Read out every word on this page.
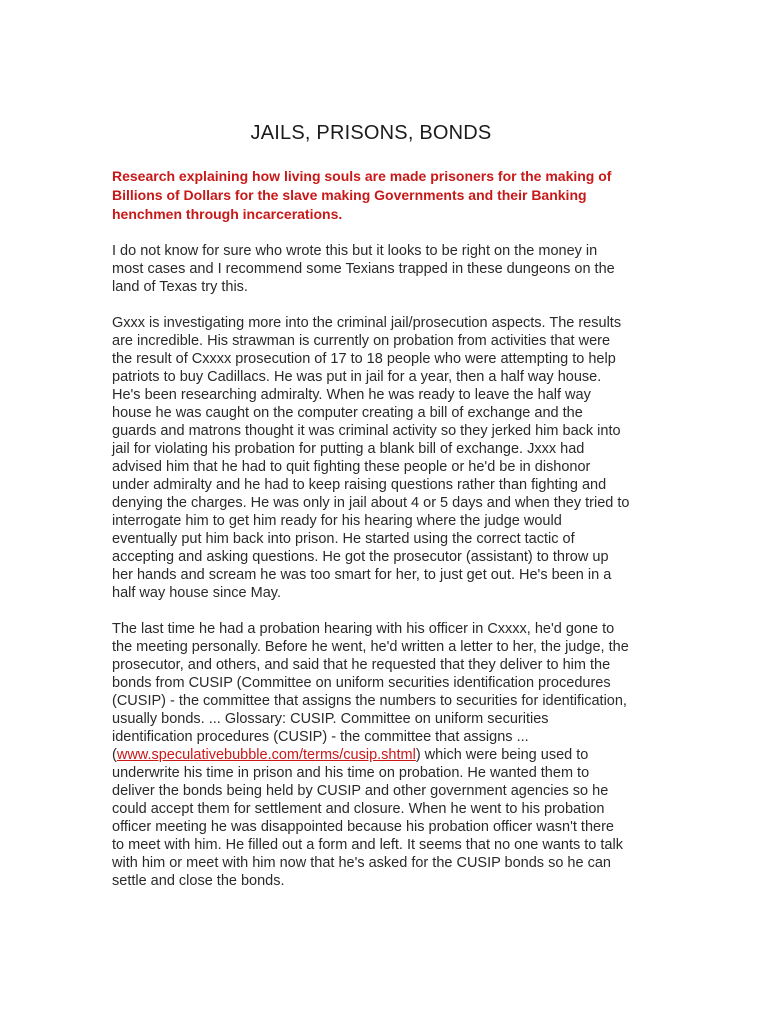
JAILS, PRISONS, BONDS

Research explaining how living souls are made prisoners for the making of Billions of Dollars for the slave making Governments and their Banking henchmen through incarcerations.

I do not know for sure who wrote this but it looks to be right on the money in most cases and I recommend some Texians trapped in these dungeons on the land of Texas try this.

Gxxx is investigating more into the criminal jail/prosecution aspects. The results are incredible. His strawman is currently on probation from activities that were the result of Cxxxx prosecution of 17 to 18 people who were attempting to help patriots to buy Cadillacs. He was put in jail for a year, then a half way house. He's been researching admiralty. When he was ready to leave the half way house he was caught on the computer creating a bill of exchange and the guards and matrons thought it was criminal activity so they jerked him back into jail for violating his probation for putting a blank bill of exchange. Jxxx had advised him that he had to quit fighting these people or he'd be in dishonor under admiralty and he had to keep raising questions rather than fighting and denying the charges. He was only in jail about 4 or 5 days and when they tried to interrogate him to get him ready for his hearing where the judge would eventually put him back into prison. He started using the correct tactic of accepting and asking questions. He got the prosecutor (assistant) to throw up her hands and scream he was too smart for her, to just get out. He's been in a half way house since May.

The last time he had a probation hearing with his officer in Cxxxx, he'd gone to the meeting personally. Before he went, he'd written a letter to her, the judge, the prosecutor, and others, and said that he requested that they deliver to him the bonds from CUSIP (Committee on uniform securities identification procedures (CUSIP) - the committee that assigns the numbers to securities for identification, usually bonds. ... Glossary: CUSIP. Committee on uniform securities identification procedures (CUSIP) - the committee that assigns ... (www.speculativebubble.com/terms/cusip.shtml) which were being used to underwrite his time in prison and his time on probation. He wanted them to deliver the bonds being held by CUSIP and other government agencies so he could accept them for settlement and closure. When he went to his probation officer meeting he was disappointed because his probation officer wasn't there to meet with him. He filled out a form and left. It seems that no one wants to talk with him or meet with him now that he's asked for the CUSIP bonds so he can settle and close the bonds.
